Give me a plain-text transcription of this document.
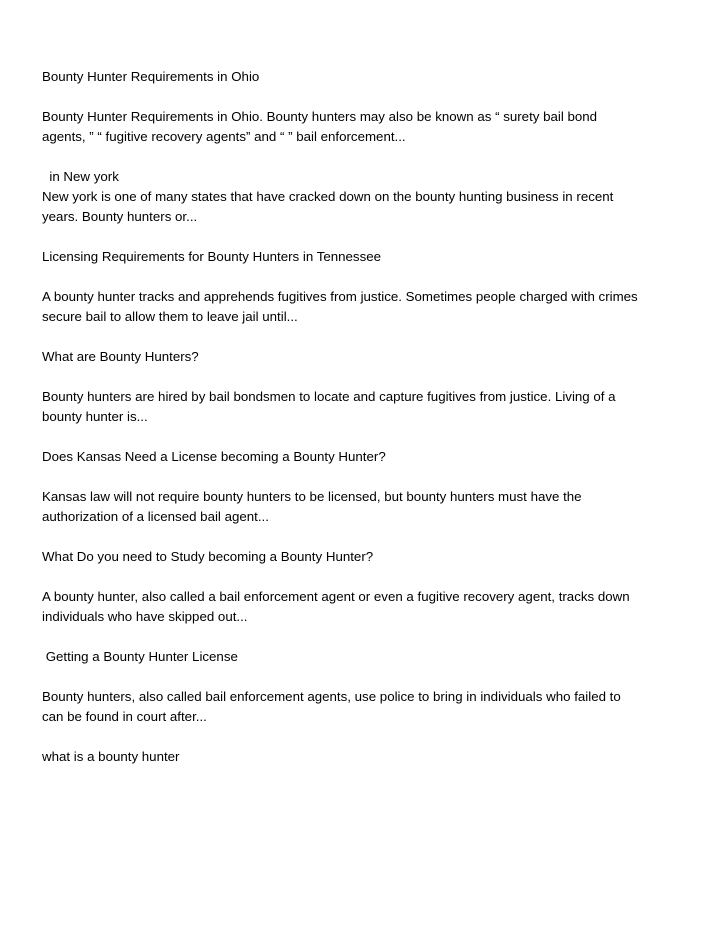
Bounty Hunter Requirements in Ohio
Bounty Hunter Requirements in Ohio. Bounty hunters may also be known as “ surety bail bond
agents, ” “ fugitive recovery agents” and “ ” bail enforcement...
in New york
New york is one of many states that have cracked down on the bounty hunting business in recent
years. Bounty hunters or...
Licensing Requirements for Bounty Hunters in Tennessee
A bounty hunter tracks and apprehends fugitives from justice. Sometimes people charged with crimes
secure bail to allow them to leave jail until...
What are Bounty Hunters?
Bounty hunters are hired by bail bondsmen to locate and capture fugitives from justice. Living of a
bounty hunter is...
Does Kansas Need a License becoming a Bounty Hunter?
Kansas law will not require bounty hunters to be licensed, but bounty hunters must have the
authorization of a licensed bail agent...
What Do you need to Study becoming a Bounty Hunter?
A bounty hunter, also called a bail enforcement agent or even a fugitive recovery agent, tracks down
individuals who have skipped out...
Getting a Bounty Hunter License
Bounty hunters, also called bail enforcement agents, use police to bring in individuals who failed to
can be found in court after...
what is a bounty hunter
